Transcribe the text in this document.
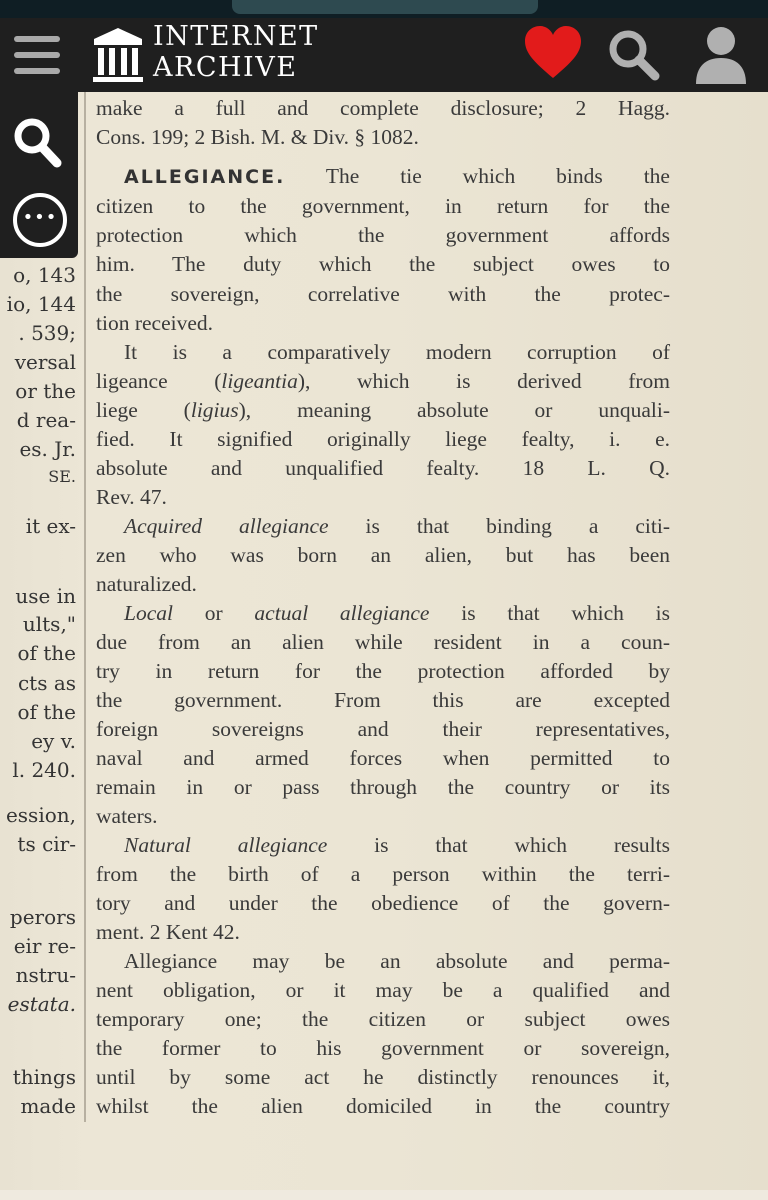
INTERNET
ARCHIVE
o, 143
io, 144
. 539;
versal
or the
d rea-
es. Jr.
SE.
it ex-
use in
ults,"
of the
cts as
of the
ey v.
l. 240.
ession,
ts cir-
perors
eir re-
nstru-
estata.
things
made
make a full and complete disclosure; 2 Hagg.
Cons. 199; 2 Bish. M. & Div. § 1082.
ALLEGIANCE. The tie which binds the
citizen to the government, in return for the
protection which the government affords
him. The duty which the subject owes to
the sovereign, correlative with the protec-
tion received.
It is a comparatively modern corruption of
ligeance (ligeantia), which is derived from
liege (ligius), meaning absolute or unquali-
fied. It signified originally liege fealty, i. e.
absolute and unqualified fealty. 18 L. Q.
Rev. 47.
Acquired allegiance is that binding a citi-
zen who was born an alien, but has been
naturalized.
Local or actual allegiance is that which is
due from an alien while resident in a coun-
try in return for the protection afforded by
the government. From this are excepted
foreign sovereigns and their representatives,
naval and armed forces when permitted to
remain in or pass through the country or its
waters.
Natural allegiance is that which results
from the birth of a person within the terri-
tory and under the obedience of the govern-
ment. 2 Kent 42.
Allegiance may be an absolute and perma-
nent obligation, or it may be a qualified and
temporary one; the citizen or subject owes
the former to his government or sovereign,
until by some act he distinctly renounces it,
whilst the alien domiciled in the country
•••
